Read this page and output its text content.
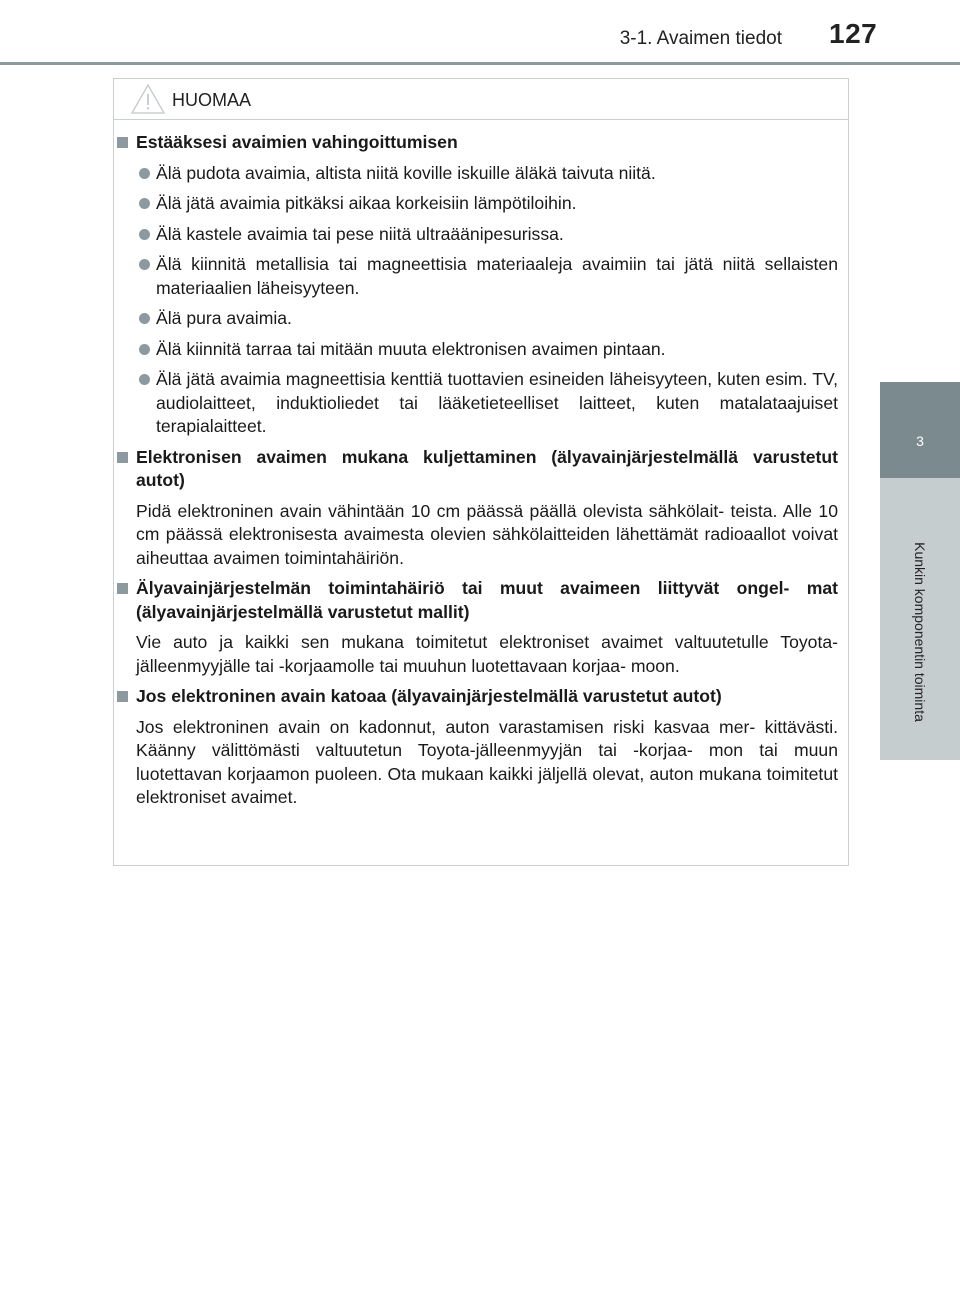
3-1. Avaimen tiedot 127
3
Kunkin komponentin toiminta
HUOMAA
Estääksesi avaimien vahingoittumisen
Älä pudota avaimia, altista niitä koville iskuille äläkä taivuta niitä.
Älä jätä avaimia pitkäksi aikaa korkeisiin lämpötiloihin.
Älä kastele avaimia tai pese niitä ultraäänipesurissa.
Älä kiinnitä metallisia tai magneettisia materiaaleja avaimiin tai jätä niitä sellaisten materiaalien läheisyyteen.
Älä pura avaimia.
Älä kiinnitä tarraa tai mitään muuta elektronisen avaimen pintaan.
Älä jätä avaimia magneettisia kenttiä tuottavien esineiden läheisyyteen, kuten esim. TV, audiolaitteet, induktioliedet tai lääketieteelliset laitteet, kuten matalataajuiset terapialaitteet.
Elektronisen avaimen mukana kuljettaminen (älyavainjärjestelmällä varustetut autot)
Pidä elektroninen avain vähintään 10 cm päässä päällä olevista sähkölait- teista. Alle 10 cm päässä elektronisesta avaimesta olevien sähkölaitteiden lähettämät radioaallot voivat aiheuttaa avaimen toimintahäiriön.
Älyavainjärjestelmän toimintahäiriö tai muut avaimeen liittyvät ongel- mat (älyavainjärjestelmällä varustetut mallit)
Vie auto ja kaikki sen mukana toimitetut elektroniset avaimet valtuutetulle Toyota-jälleenmyyjälle tai -korjaamolle tai muuhun luotettavaan korjaa- moon.
Jos elektroninen avain katoaa (älyavainjärjestelmällä varustetut autot)
Jos elektroninen avain on kadonnut, auton varastamisen riski kasvaa mer- kittävästi. Käänny välittömästi valtuutetun Toyota-jälleenmyyjän tai -korjaa- mon tai muun luotettavan korjaamon puoleen. Ota mukaan kaikki jäljellä olevat, auton mukana toimitetut elektroniset avaimet.
